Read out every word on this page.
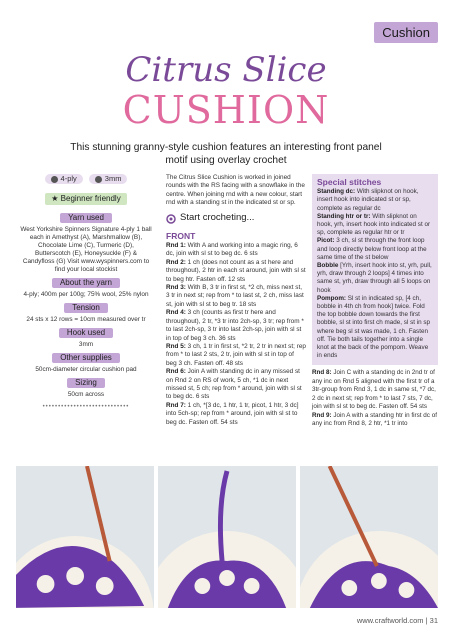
Cushion
Citrus Slice
CUSHION
This stunning granny-style cushion features an interesting front panel motif using overlay crochet
4-ply	3mm
★ Beginner friendly
Yarn used

West Yorkshire Spinners Signature 4-ply 1 ball each in Amethyst (A), Marshmallow (B), Chocolate Lime (C), Turmeric (D), Butterscotch (E), Honeysuckle (F) & Candyfloss (G) Visit www.wyspinners.com to find your local stockist

About the yarn

4-ply; 400m per 100g; 75% wool, 25% nylon

Tension

24 sts x 12 rows = 10cm measured over tr

Hook used

3mm

Other supplies

50cm-diameter circular cushion pad

Sizing

50cm across

••••••••••••••••••••••••••••

The Citrus Slice Cushion is worked in joined rounds with the RS facing with a snowflake in the centre. When joining rnd with a new colour, start rnd with a standing st in the indicated st or sp.

Start crocheting...
FRONT

Rnd 1: With A and working into a magic ring, 6 dc, join with sl st to beg dc. 6 sts

Rnd 2: 1 ch (does not count as a st here and throughout), 2 htr in each st around, join with sl st to beg htr. Fasten off. 12 sts

Rnd 3: With B, 3 tr in first st, *2 ch, miss next st, 3 tr in next st; rep from * to last st, 2 ch, miss last st, join with sl st to beg tr. 18 sts

Rnd 4: 3 ch (counts as first tr here and throughout), 2 tr, *3 tr into 2ch-sp, 3 tr; rep from * to last 2ch-sp, 3 tr into last 2ch-sp, join with sl st in top of beg 3 ch. 36 sts

Rnd 5: 3 ch, 1 tr in first st, *2 tr, 2 tr in next st; rep from * to last 2 sts, 2 tr, join with sl st in top of beg 3 ch. Fasten off. 48 sts

Rnd 6: Join A with standing dc in any missed st on Rnd 2 on RS of work, 5 ch, *1 dc in next missed st, 5 ch; rep from * around, join with sl st to beg dc. 6 sts

Rnd 7: 1 ch, *[3 dc, 1 htr, 1 tr, picot, 1 htr, 3 dc] into 5ch-sp; rep from * around, join with sl st to beg dc. Fasten off. 54 sts

Special stitches

Standing dc: With slipknot on hook, insert hook into indicated st or sp, complete as regular dc

Standing htr or tr: With slipknot on hook, yrh, insert hook into indicated st or sp, complete as regular htr or tr

Picot: 3 ch, sl st through the front loop and loop directly below front loop at the same time of the st below

Bobble [Yrh, insert hook into st, yrh, pull, yrh, draw through 2 loops] 4 times into same st, yrh, draw through all 5 loops on hook

Pompom: Sl st in indicated sp, [4 ch, bobble in 4th ch from hook] twice. Fold the top bobble down towards the first bobble, sl st into first ch made, sl st in sp where beg sl st was made, 1 ch. Fasten off. Tie both tails together into a single knot at the back of the pompom. Weave in ends

Rnd 8: Join C with a standing dc in 2nd tr of any inc on Rnd 5 aligned with the first tr of a 3tr-group from Rnd 3, 1 dc in same st, *7 dc, 2 dc in next st; rep from * to last 7 sts, 7 dc, join with sl st to beg dc. Fasten off. 54 sts

Rnd 9: Join A with a standing htr in first dc of any inc from Rnd 8, 2 htr, *1 tr into

www.craftworld.com | 31
